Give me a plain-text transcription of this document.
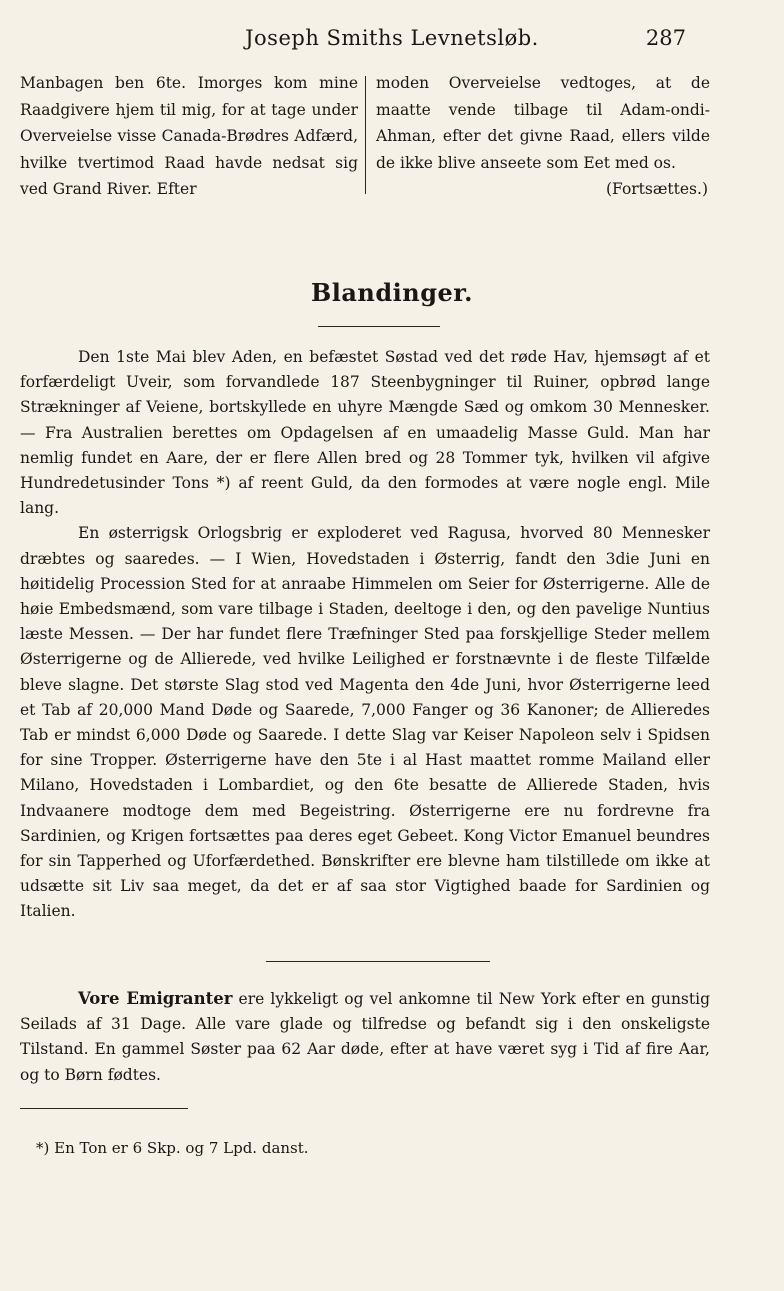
Joseph Smiths Levnetsløb.	287
Manbagen ben 6te. Imorges kom mine Raadgivere hjem til mig, for at tage under Overveielse visse Canada-Brødres Adfærd, hvilke tvertimod Raad havde nedsat sig ved Grand River. Efter
moden Overveielse vedtoges, at de maatte vende tilbage til Adam-ondi-Ahman, efter det givne Raad, ellers vilde de ikke blive anseete som Eet med os.
(Fortsættes.)
Blandinger.

Den 1ste Mai blev Aden, en befæstet Søstad ved det røde Hav, hjemsøgt af et forfærdeligt Uveir, som forvandlede 187 Steenbygninger til Ruiner, opbrød lange Strækninger af Veiene, bortskyllede en uhyre Mængde Sæd og omkom 30 Mennesker. — Fra Australien berettes om Opdagelsen af en umaadelig Masse Guld. Man har nemlig fundet en Aare, der er flere Allen bred og 28 Tommer tyk, hvilken vil afgive Hundredetusinder Tons *) af reent Guld, da den formodes at være nogle engl. Mile lang.

En østerrigsk Orlogsbrig er exploderet ved Ragusa, hvorved 80 Mennesker dræbtes og saaredes. — I Wien, Hovedstaden i Østerrig, fandt den 3die Juni en høitidelig Procession Sted for at anraabe Himmelen om Seier for Østerrigerne. Alle de høie Embedsmænd, som vare tilbage i Staden, deeltoge i den, og den pavelige Nuntius læste Messen. — Der har fundet flere Træfninger Sted paa forskjellige Steder mellem Østerrigerne og de Allierede, ved hvilke Leilighed er forstnævnte i de fleste Tilfælde bleve slagne. Det største Slag stod ved Magenta den 4de Juni, hvor Østerrigerne leed et Tab af 20,000 Mand Døde og Saarede, 7,000 Fanger og 36 Kanoner; de Allieredes Tab er mindst 6,000 Døde og Saarede. I dette Slag var Keiser Napoleon selv i Spidsen for sine Tropper. Østerrigerne have den 5te i al Hast maattet romme Mailand eller Milano, Hovedstaden i Lombardiet, og den 6te besatte de Allierede Staden, hvis Indvaanere modtoge dem med Begeistring. Østerrigerne ere nu fordrevne fra Sardinien, og Krigen fortsættes paa deres eget Gebeet. Kong Victor Emanuel beundres for sin Tapperhed og Uforfærdethed. Bønskrifter ere blevne ham tilstillede om ikke at udsætte sit Liv saa meget, da det er af saa stor Vigtighed baade for Sardinien og Italien.

Vore Emigranter ere lykkeligt og vel ankomne til New York efter en gunstig Seilads af 31 Dage. Alle vare glade og tilfredse og befandt sig i den onskeligste Tilstand. En gammel Søster paa 62 Aar døde, efter at have været syg i Tid af fire Aar, og to Børn fødtes.

*) En Ton er 6 Skp. og 7 Lpd. danst.
